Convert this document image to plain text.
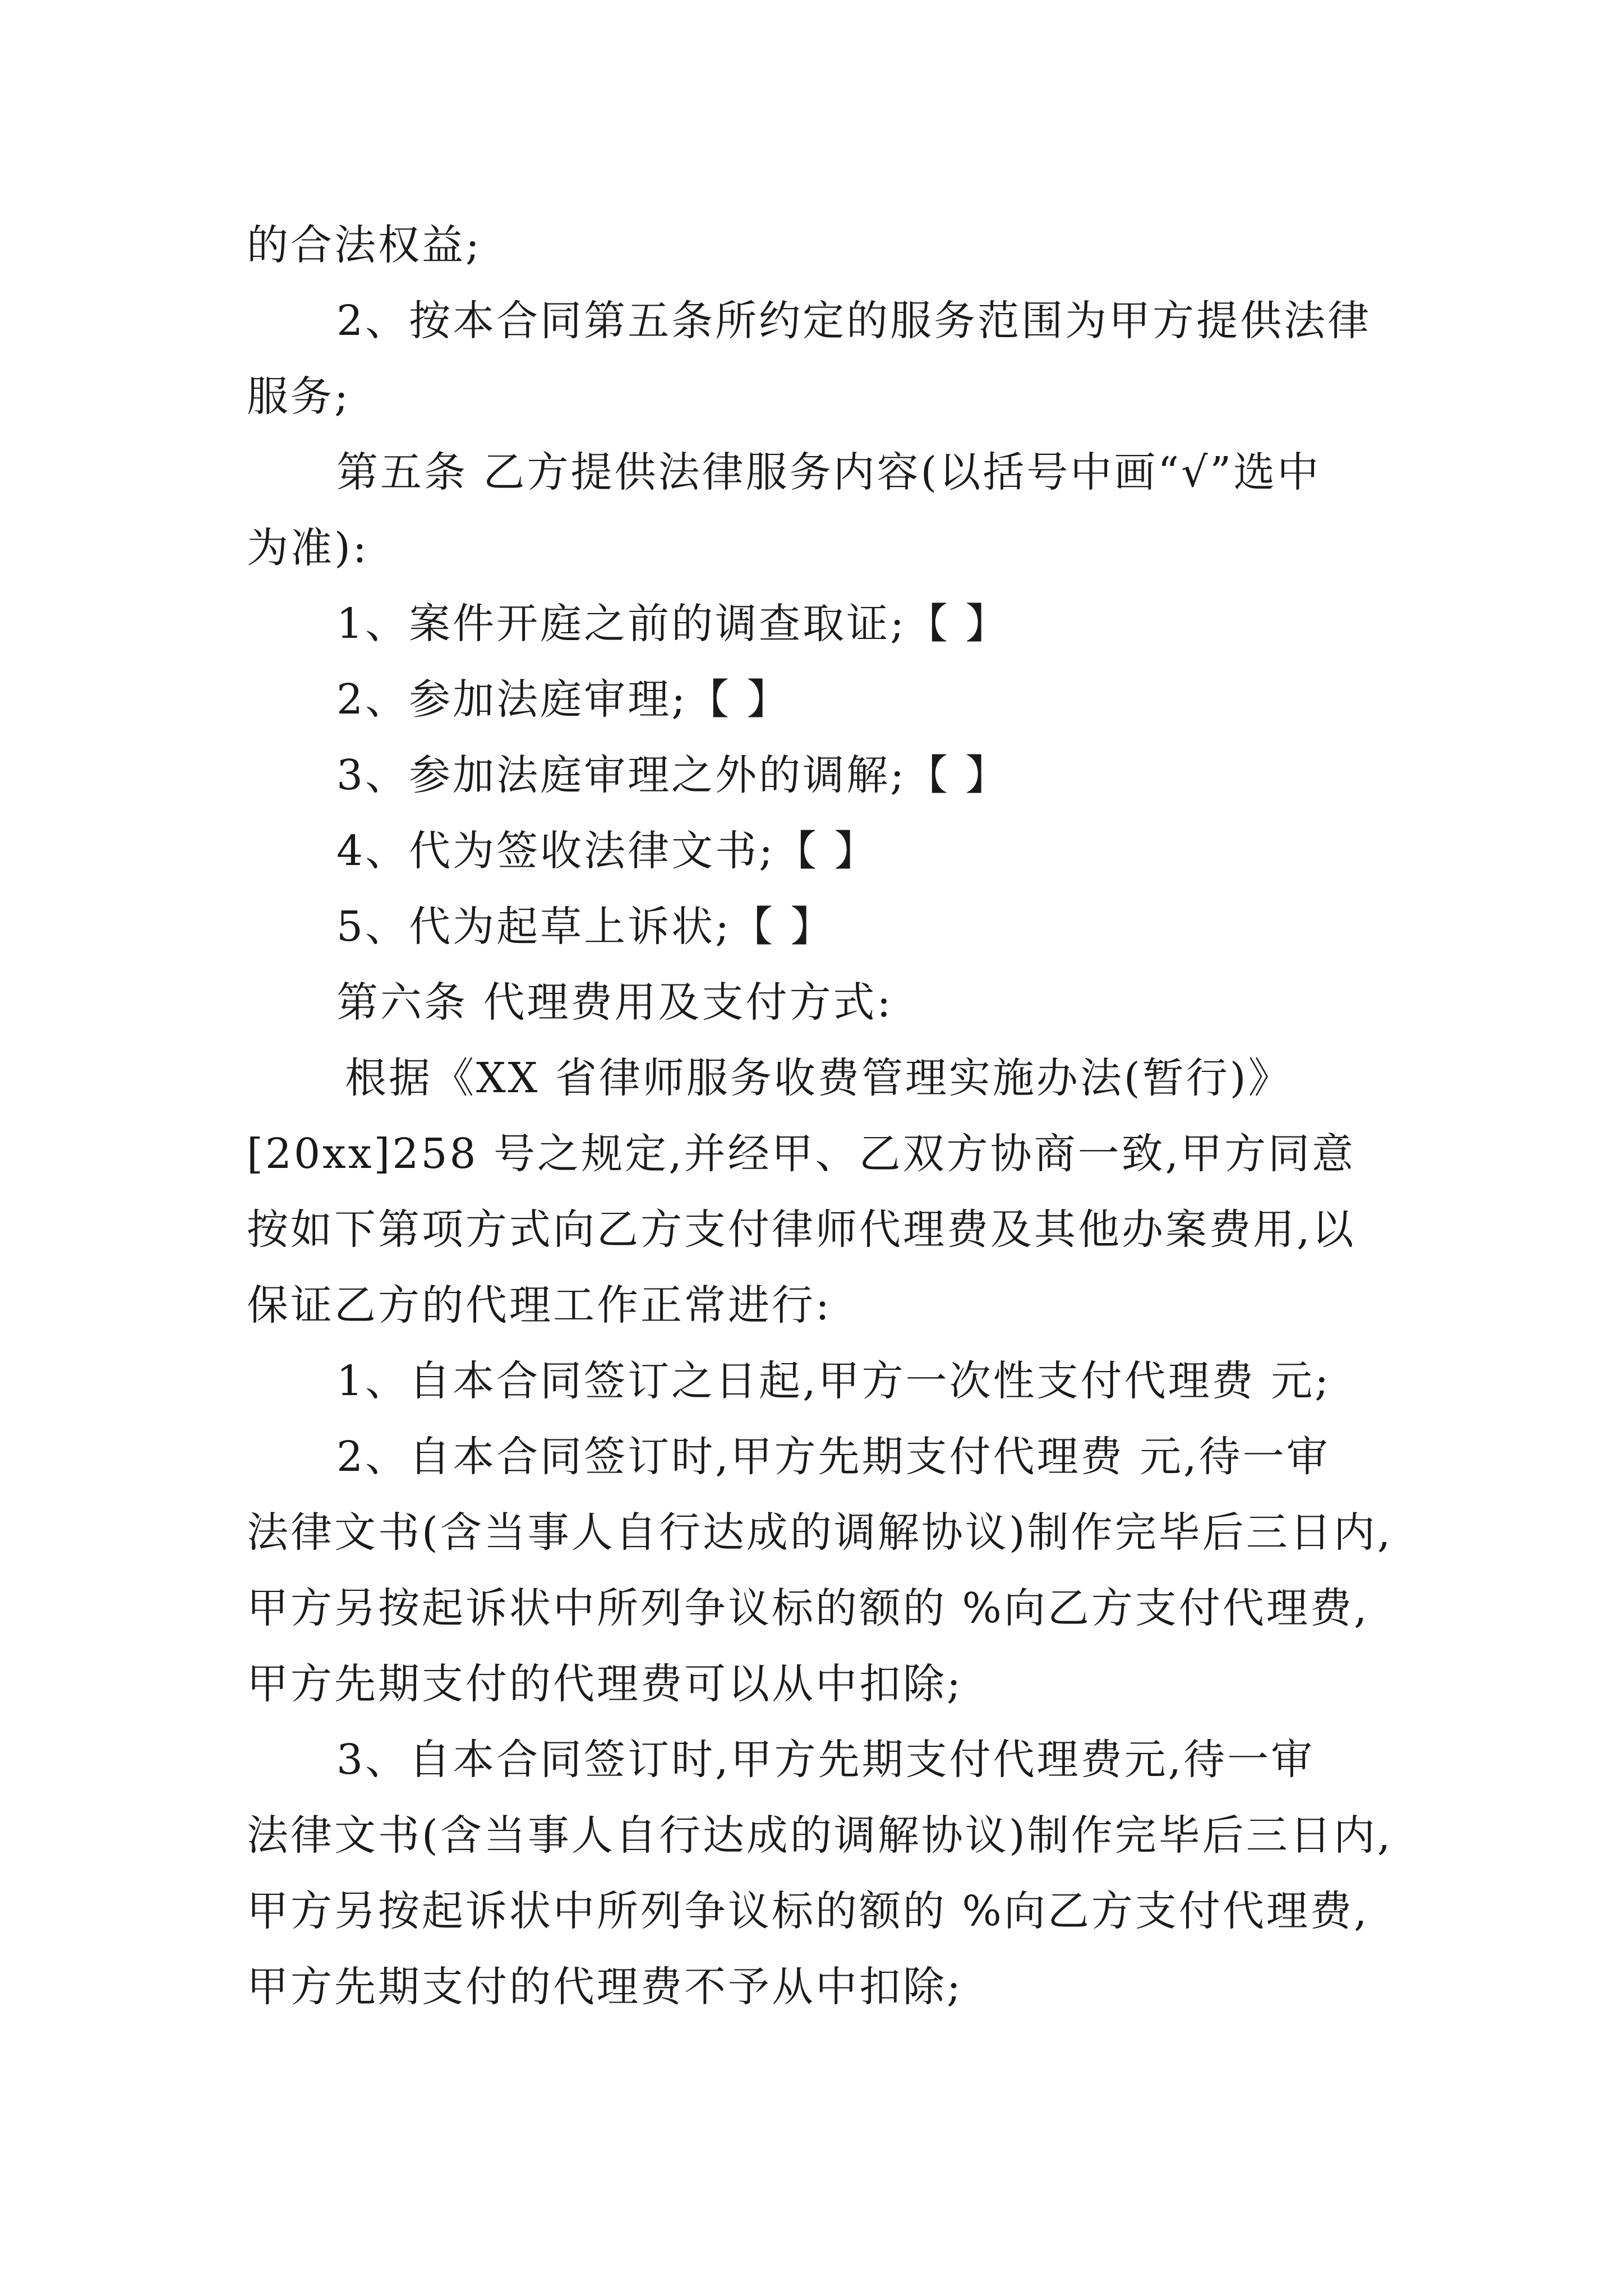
的合法权益;
2、按本合同第五条所约定的服务范围为甲方提供法律
服务;
第五条 乙方提供法律服务内容(以括号中画“√”选中
为准):
1、案件开庭之前的调查取证;【 】
2、参加法庭审理;【 】
3、参加法庭审理之外的调解;【 】
4、代为签收法律文书;【 】
5、代为起草上诉状;【 】
第六条 代理费用及支付方式:
根据《XX 省律师服务收费管理实施办法(暂行)》
[20xx]258 号之规定,并经甲、乙双方协商一致,甲方同意
按如下第项方式向乙方支付律师代理费及其他办案费用,以
保证乙方的代理工作正常进行:
1、自本合同签订之日起,甲方一次性支付代理费 元;
2、自本合同签订时,甲方先期支付代理费 元,待一审
法律文书(含当事人自行达成的调解协议)制作完毕后三日内,
甲方另按起诉状中所列争议标的额的 %向乙方支付代理费,
甲方先期支付的代理费可以从中扣除;
3、自本合同签订时,甲方先期支付代理费元,待一审
法律文书(含当事人自行达成的调解协议)制作完毕后三日内,
甲方另按起诉状中所列争议标的额的 %向乙方支付代理费,
甲方先期支付的代理费不予从中扣除;
